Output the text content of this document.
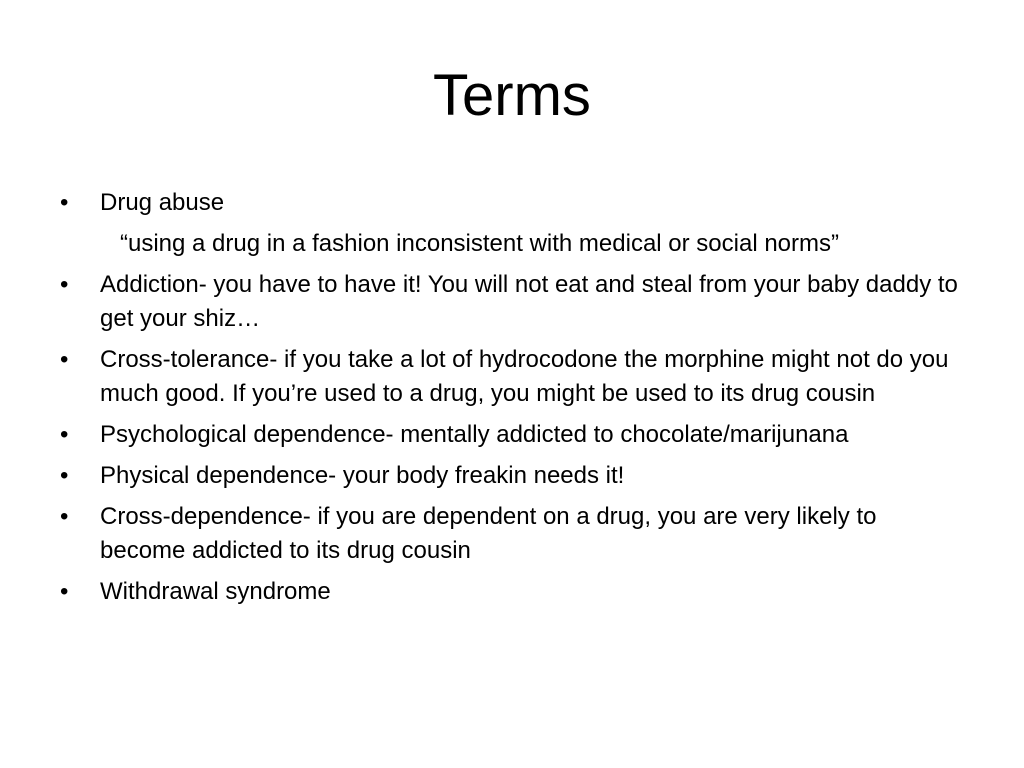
Terms
•	Drug abuse
“using a drug in a fashion inconsistent with medical or social norms”
•	Addiction- you have to have it! You will not eat and steal from your baby daddy to get your shiz…
•	Cross-tolerance- if you take a lot of hydrocodone the morphine might not do you much good. If you’re used to a drug, you might be used to its drug cousin
•	Psychological dependence- mentally addicted to chocolate/marijunana
•	Physical dependence- your body freakin needs it!
•	Cross-dependence- if you are dependent on a drug, you are very likely to become addicted to its drug cousin
•	Withdrawal syndrome
